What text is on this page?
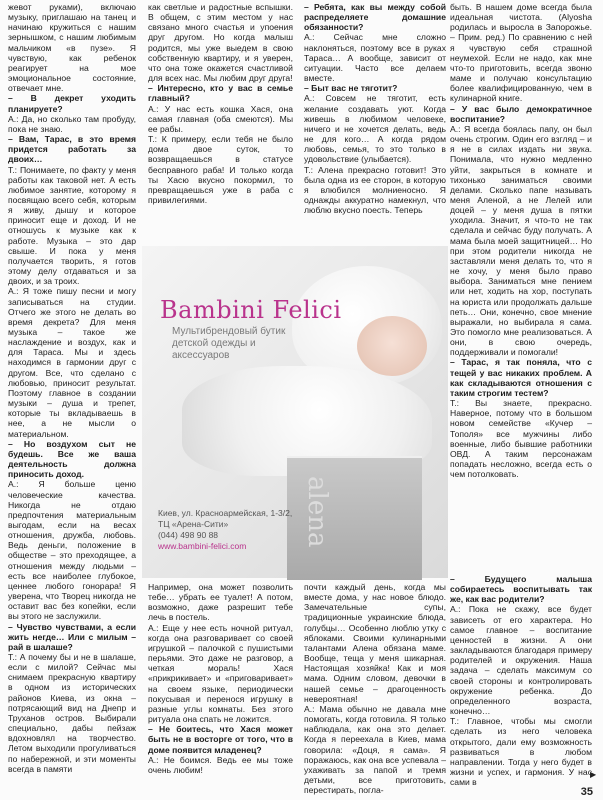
жевот руками), включаю музыку, приглашаю на танец и начинаю кружиться с нашим зернышком, с нашим любимым мальчиком «в пузе». Я чувствую, как ребенок реагирует на мое эмоциональное состояние, отвечает мне.

– В декрет уходить планируете?

А.: Да, но сколько там пробуду, пока не знаю.

– Вам, Тарас, в это время придется работать за двоих…

Т.: Понимаете, по факту у меня работы как таковой нет. А есть любимое занятие, которому я посвящаю всего себя, которым я живу, дышу и которое приносит еще и доход. И не отношусь к музыке как к работе. Музыка – это дар свыше. И пока у меня получается творить, я готов этому делу отдаваться и за двоих, и за троих.

А.: Я тоже пишу песни и могу записываться на студии. Отчего же этого не делать во время декрета? Для меня музыка – такое же наслаждение и воздух, как и для Тараса. Мы и здесь находимся в гармонии друг с другом. Все, что сделано с любовью, приносит результат. Поэтому главное в создании музыки – душа и трепет, которые ты вкладываешь в нее, а не мысли о материальном.

– Но воздухом сыт не будешь. Все же ваша деятельность должна приносить доход.

А.: Я больше ценю человеческие качества. Никогда не отдаю предпочтения материальным выгодам, если на весах отношения, дружба, любовь. Ведь деньги, положение в обществе – это преходящее, а отношения между людьми – есть все наиболее глубокое, ценнее любого гонорара! Я уверена, что Творец никогда не оставит вас без копейки, если вы этого не заслужили.

– Чувство чувствами, а если жить негде… Или с милым – рай в шалаше?

Т.: А почему бы и не в шалаше, если с милой? Сейчас мы снимаем прекрасную квартиру в одном из исторических районов Киева, из окна – потрясающий вид на Днепр и Труханов остров. Выбирали специально, дабы пейзаж вдохновлял на творчество. Летом выходили прогуливаться по набережной, и эти моменты всегда в памяти

как светлые и радостные вспышки. В общем, с этим местом у нас связано много счастья и упоения друг другом. Но когда малыш родится, мы уже выедем в свою собственную квартиру, и я уверен, что она тоже окажется счастливой для всех нас. Мы любим друг друга!

– Интересно, кто у вас в семье главный?

А.: У нас есть кошка Хася, она самая главная (оба смеются). Мы ее рабы.

Т.: К примеру, если тебя не было дома двое суток, то возвращаешься в статусе бесправного раба! И только когда ты Хасю вкусно покормил, то превращаешься уже в раба с привилегиями.

– Ребята, как вы между собой распределяете домашние обязанности?

А.: Сейчас мне сложно наклоняться, поэтому все в руках Тараса… А вообще, зависит от ситуации. Часто все делаем вместе.

– Быт вас не тяготит?

А.: Совсем не тяготит, есть желание создавать уют. Когда живешь в любимом человеке, ничего и не хочется делать, ведь не для кого… А когда рядом любовь, семья, то это только в удовольствие (улыбается).

Т.: Алена прекрасно готовит! Это была одна из ее сторон, в которую я влюбился молниеносно. Я однажды аккуратно намекнул, что люблю вкусно поесть. Теперь

быть. В нашем доме всегда была идеальная чистота. (Alyosha родилась и выросла в Запорожье. – Прим. ред.) По сравнению с ней я чувствую себя страшной неумехой. Если не надо, как мне что-то приготовить, всегда звоню маме и получаю консультацию более квалифицированную, чем в кулинарной книге.

– У вас было демократичное воспитание?

А.: Я всегда боялась папу, он был очень строгим. Один его взгляд – и я не в силах издать ни звука. Понимала, что нужно медленно уйти, закрыться в комнате и тихонько заниматься своими делами. Сколько папе называть меня Аленой, а не Лелей или доцей – у меня душа в пятки уходила. Значит, я что-то не так сделала и сейчас буду получать. А мама была моей защитницей… Но при этом родители никогда не заставляли меня делать то, что я не хочу, у меня было право выбора. Заниматься мне пением или нет, ходить на хор, поступать на юриста или продолжать дальше петь… Они, конечно, свое мнение выражали, но выбирала я сама. Это помогло мне реализоваться. А они, в свою очередь, поддерживали и помогали!

– Тарас, я так поняла, что с тещей у вас никаких проблем. А как складываются отношения с таким строгим тестем?

Т.: Вы знаете, прекрасно. Наверное, потому что в большом новом семействе «Кучер – Тополя» все мужчины либо военные, либо бывшие работники ОВД. А таким персонажам попадать несложно, всегда есть о чем потолковать.

alena
Bambini Felici
Мультибрендовый бутик детской одежды и аксессуаров
Киев, ул. Красноармейская, 1-3/2,
ТЦ «Арена-Сити»
(044) 498 90 88
www.bambini-felici.com

Например, она может позволить тебе… убрать ее туалет! А потом, возможно, даже разрешит тебе лечь в постель.

А.: Еще у нее есть ночной ритуал, когда она разговаривает со своей игрушкой – палочкой с пушистыми перьями. Это даже не разговор, а четкая мораль! Хася «прикрикивает» и «приговаривает» на своем языке, периодически покусывая и перенося игрушку в разные углы комнаты. Без этого ритуала она спать не ложится.

– Не боитесь, что Хася может быть не в восторге от того, что в доме появится младенец?

А.: Не боимся. Ведь ее мы тоже очень любим!

почти каждый день, когда мы вместе дома, у нас новое блюдо. Замечательные супы, традиционные украинские блюда, голубцы… Особенно люблю утку с яблоками. Своими кулинарными талантами Алена обязана маме. Вообще, теща у меня шикарная. Настоящая хозяйка! Как и моя мама. Одним словом, девочки в нашей семье – драгоценность невероятная!

А.: Мама обычно не давала мне помогать, когда готовила. Я только наблюдала, как она это делает. Когда я переехала в Киев, мама говорила: «Доця, я сама». Я поражаюсь, как она все успевала – ухаживать за папой и тремя детьми, все приготовить, перестирать, погла-

– Будущего малыша собираетесь воспитывать так же, как вас родители?

А.: Пока не скажу, все будет зависеть от его характера. Но самое главное – воспитание ценностей в жизни. А они закладываются благодаря примеру родителей и окружения. Наша задача – сделать максимум со своей стороны и контролировать окружение ребенка. До определенного возраста, конечно…

Т.: Главное, чтобы мы смогли сделать из него человека открытого, дали ему возможность развиваться в любом направлении. Тогда у него будет в жизни и успех, и гармония. У нас сами в

▶
35
